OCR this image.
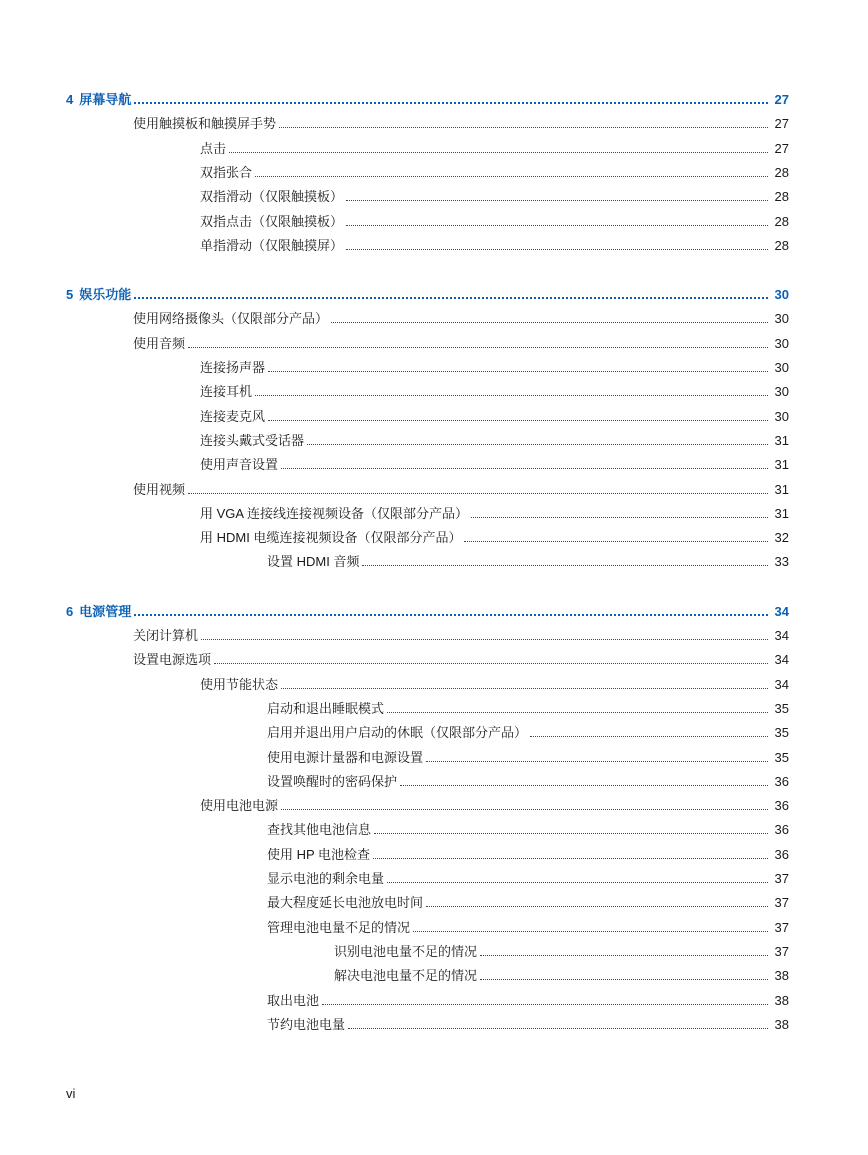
4 屏幕导航	27
使用触摸板和触摸屏手势	27
点击	27
双指张合	28
双指滑动（仅限触摸板）	28
双指点击（仅限触摸板）	28
单指滑动（仅限触摸屏）	28
5 娱乐功能	30
使用网络摄像头（仅限部分产品）	30
使用音频	30
连接扬声器	30
连接耳机	30
连接麦克风	30
连接头戴式受话器	31
使用声音设置	31
使用视频	31
用 VGA 连接线连接视频设备（仅限部分产品）	31
用 HDMI 电缆连接视频设备（仅限部分产品）	32
设置 HDMI 音频	33
6 电源管理	34
关闭计算机	34
设置电源选项	34
使用节能状态	34
启动和退出睡眠模式	35
启用并退出用户启动的休眠（仅限部分产品）	35
使用电源计量器和电源设置	35
设置唤醒时的密码保护	36
使用电池电源	36
查找其他电池信息	36
使用 HP 电池检查	36
显示电池的剩余电量	37
最大程度延长电池放电时间	37
管理电池电量不足的情况	37
识别电池电量不足的情况	37
解决电池电量不足的情况	38
取出电池	38
节约电池电量	38
vi
